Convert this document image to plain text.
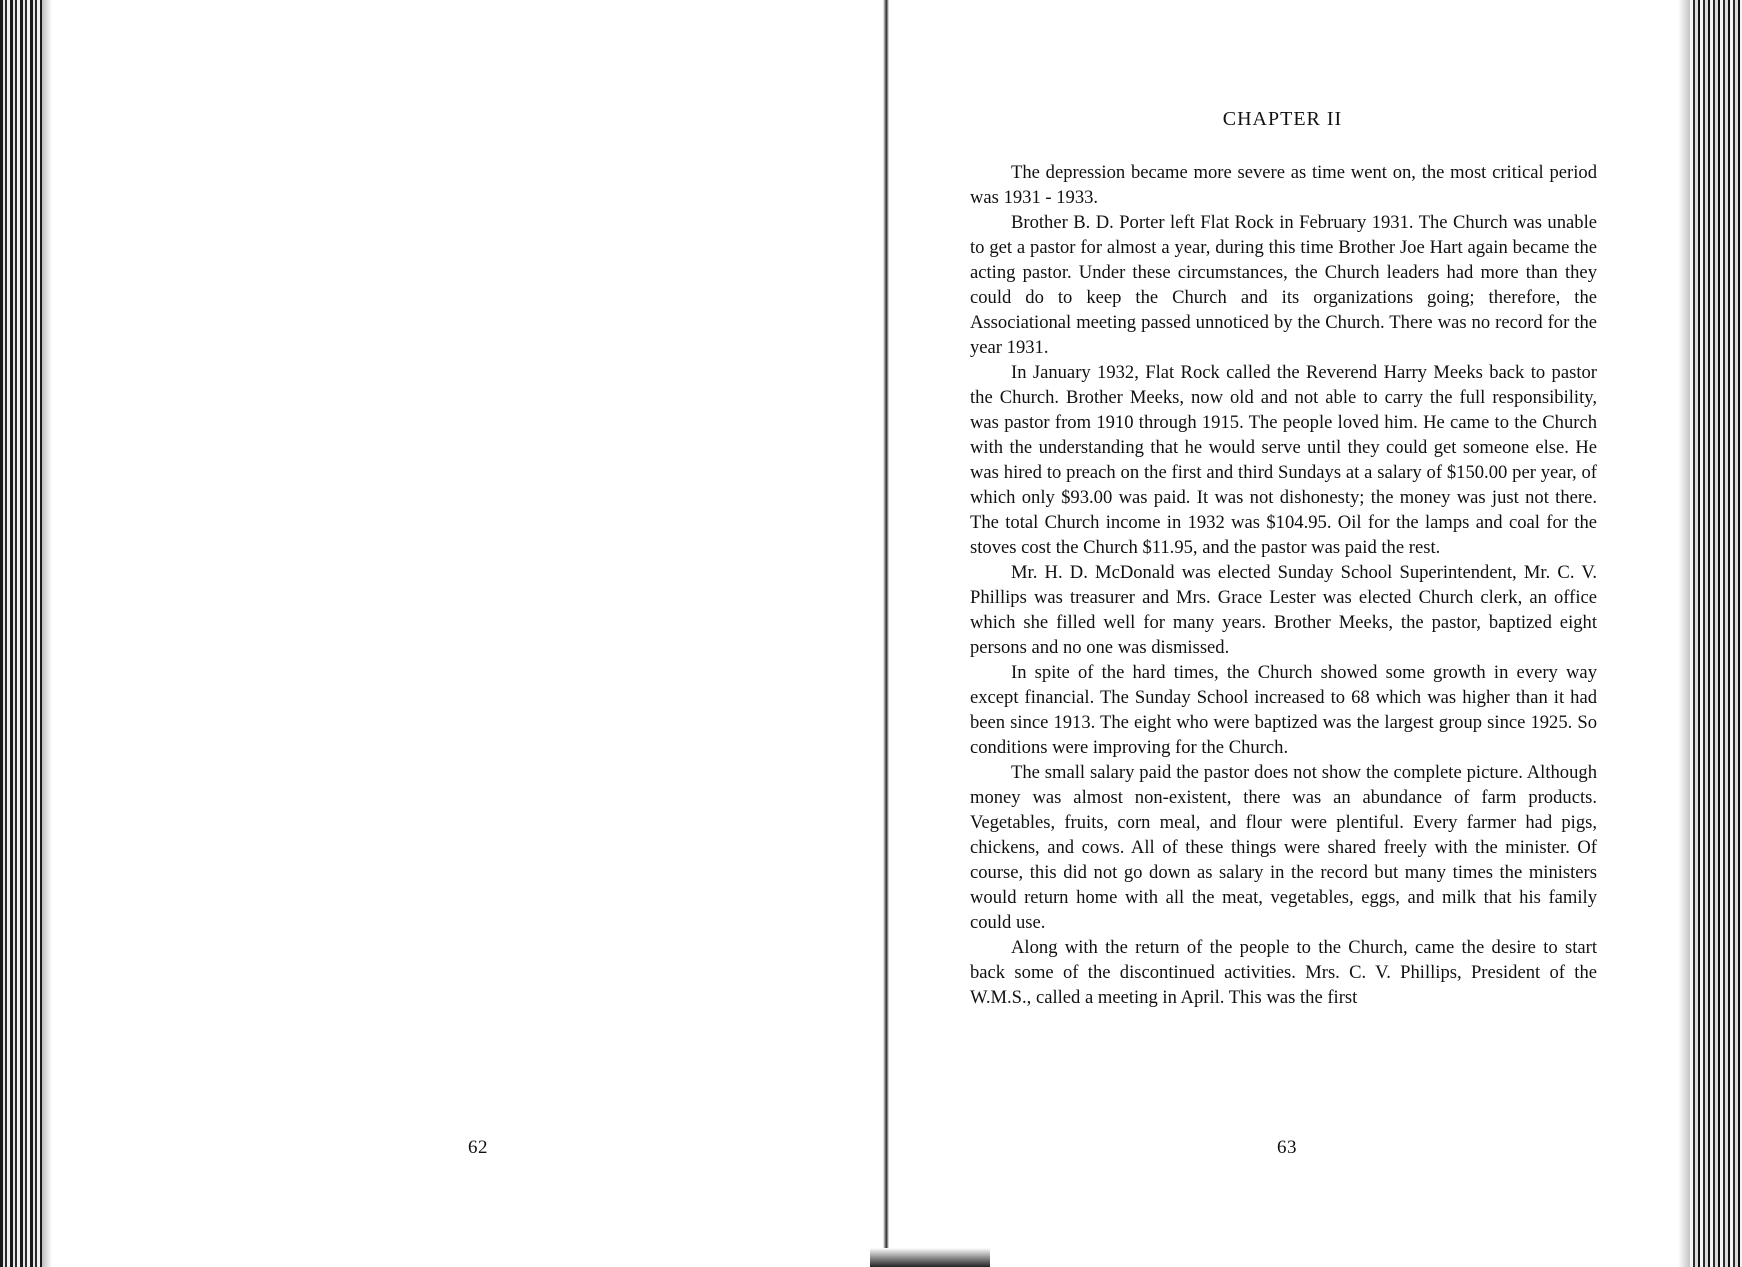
62
CHAPTER II

The depression became more severe as time went on, the most critical period was 1931 - 1933.

Brother B. D. Porter left Flat Rock in February 1931. The Church was unable to get a pastor for almost a year, during this time Brother Joe Hart again became the acting pastor. Under these circumstances, the Church leaders had more than they could do to keep the Church and its organizations going; therefore, the Associational meeting passed unnoticed by the Church. There was no record for the year 1931.

In January 1932, Flat Rock called the Reverend Harry Meeks back to pastor the Church. Brother Meeks, now old and not able to carry the full responsibility, was pastor from 1910 through 1915. The people loved him. He came to the Church with the understanding that he would serve until they could get someone else. He was hired to preach on the first and third Sundays at a salary of $150.00 per year, of which only $93.00 was paid. It was not dishonesty; the money was just not there. The total Church income in 1932 was $104.95. Oil for the lamps and coal for the stoves cost the Church $11.95, and the pastor was paid the rest.

Mr. H. D. McDonald was elected Sunday School Superintendent, Mr. C. V. Phillips was treasurer and Mrs. Grace Lester was elected Church clerk, an office which she filled well for many years. Brother Meeks, the pastor, baptized eight persons and no one was dismissed.

In spite of the hard times, the Church showed some growth in every way except financial. The Sunday School increased to 68 which was higher than it had been since 1913. The eight who were baptized was the largest group since 1925. So conditions were improving for the Church.

The small salary paid the pastor does not show the complete picture. Although money was almost non-existent, there was an abundance of farm products. Vegetables, fruits, corn meal, and flour were plentiful. Every farmer had pigs, chickens, and cows. All of these things were shared freely with the minister. Of course, this did not go down as salary in the record but many times the ministers would return home with all the meat, vegetables, eggs, and milk that his family could use.

Along with the return of the people to the Church, came the desire to start back some of the discontinued activities. Mrs. C. V. Phillips, President of the W.M.S., called a meeting in April. This was the first

63
